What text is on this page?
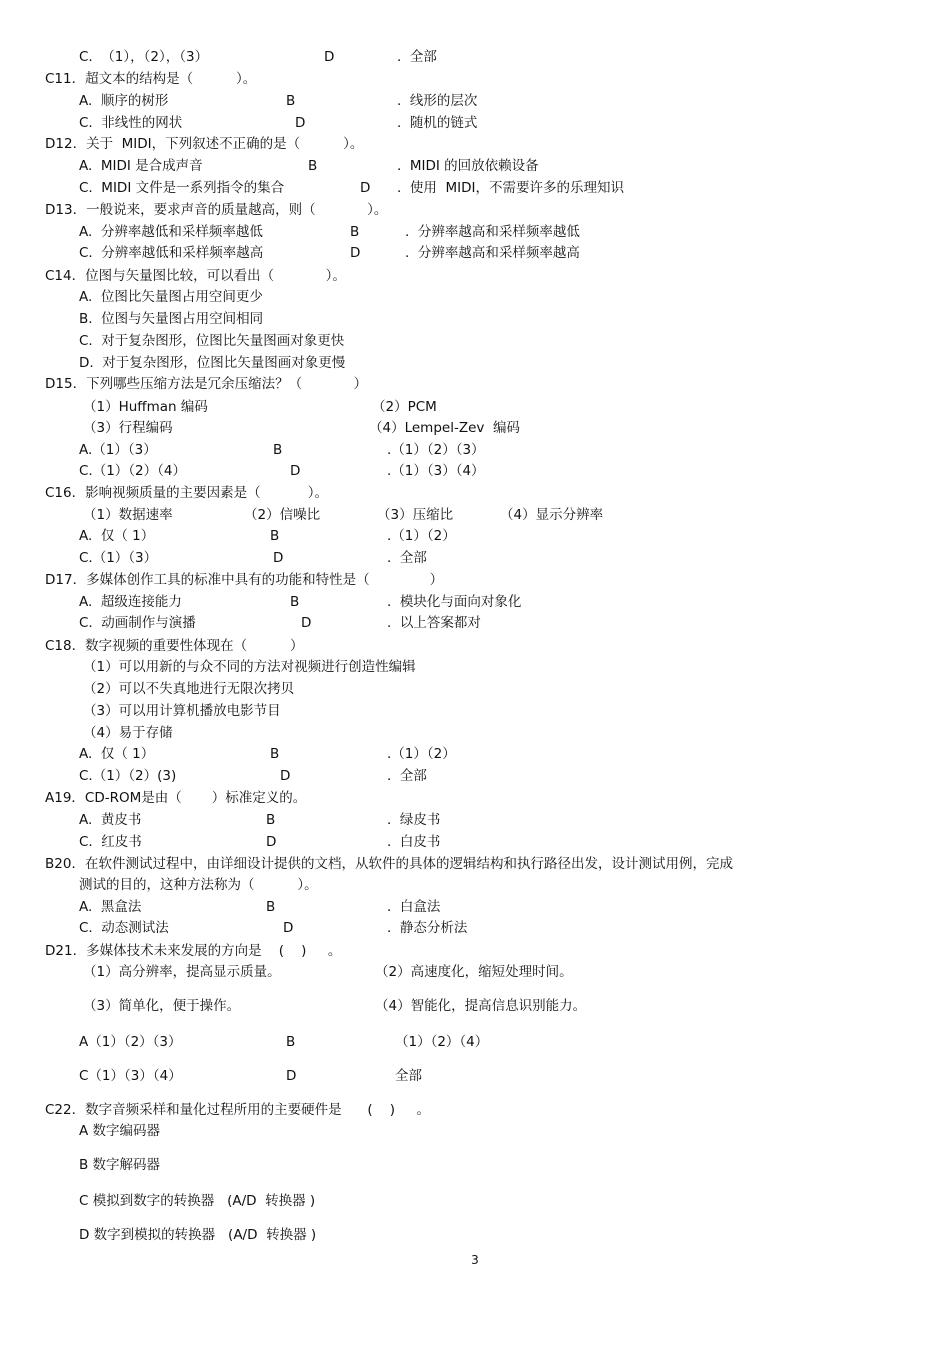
C.  （1），（2），（3）	D	.  全部
C11．超文本的结构是（          ）。
A.  顺序的树形	B	.  线形的层次
C.  非线性的网状	D	.  随机的链式
D12．关于  MIDI，下列叙述不正确的是（          ）。
A.  MIDI 是合成声音	B	.  MIDI 的回放依赖设备
C.  MIDI 文件是一系列指令的集合	D .  使用  MIDI，不需要许多的乐理知识
D13．一般说来，要求声音的质量越高，则（            ）。
A.  分辨率越低和采样频率越低	B	.  分辨率越高和采样频率越低
C.  分辨率越低和采样频率越高	D	.  分辨率越高和采样频率越高
C14．位图与矢量图比较，可以看出（            ）。
A.  位图比矢量图占用空间更少
B.  位图与矢量图占用空间相同
C.  对于复杂图形，位图比矢量图画对象更快
D.  对于复杂图形，位图比矢量图画对象更慢
D15．下列哪些压缩方法是冗余压缩法？（            ）
（1）Huffman 编码	（2）PCM
（3）行程编码	（4）Lempel-Zev  编码
A.（1）（3）	B	.（1）（2）（3）
C.（1）（2）（4）	D	.（1）（3）（4）
C16．影响视频质量的主要因素是（           ）。
（1）数据速率	（2）信噪比	（3）压缩比	（4）显示分辨率
A.  仅（ 1）	B	.（1）（2）
C.（1）（3）	D	.  全部
D17．多媒体创作工具的标准中具有的功能和特性是（              ）
A.  超级连接能力	B	.  模块化与面向对象化
C.  动画制作与演播	D	.  以上答案都对
C18．数字视频的重要性体现在（          ）
（1）可以用新的与众不同的方法对视频进行创造性编辑
（2）可以不失真地进行无限次拷贝
（3）可以用计算机播放电影节目
（4）易于存储
A.  仅（ 1）	B	.（1）（2）
C.（1）（2）(3)	D	.  全部
A19．CD-ROM是由（       ）标准定义的。
A.  黄皮书	B	.  绿皮书
C.  红皮书	D	.  白皮书
B20．在软件测试过程中，由详细设计提供的文档，从软件的具体的逻辑结构和执行路径出发，设计测试用例，完成
测试的目的，这种方法称为（          ）。
A.  黑盒法	B	.  白盒法
C.  动态测试法	D	.  静态分析法
D21．多媒体技术未来发展的方向是    (    )     。
（1）高分辨率，提高显示质量。	（2）高速度化，缩短处理时间。
（3）简单化，便于操作。	（4）智能化，提高信息识别能力。
A（1）（2）（3）	B	（1）（2）（4）
C（1）（3）（4）	D	全部
C22．数字音频采样和量化过程所用的主要硬件是      (    )     。
A 数字编码器
B 数字解码器
C 模拟到数字的转换器   (A/D  转换器 )
D 数字到模拟的转换器   (A/D  转换器 )
3
